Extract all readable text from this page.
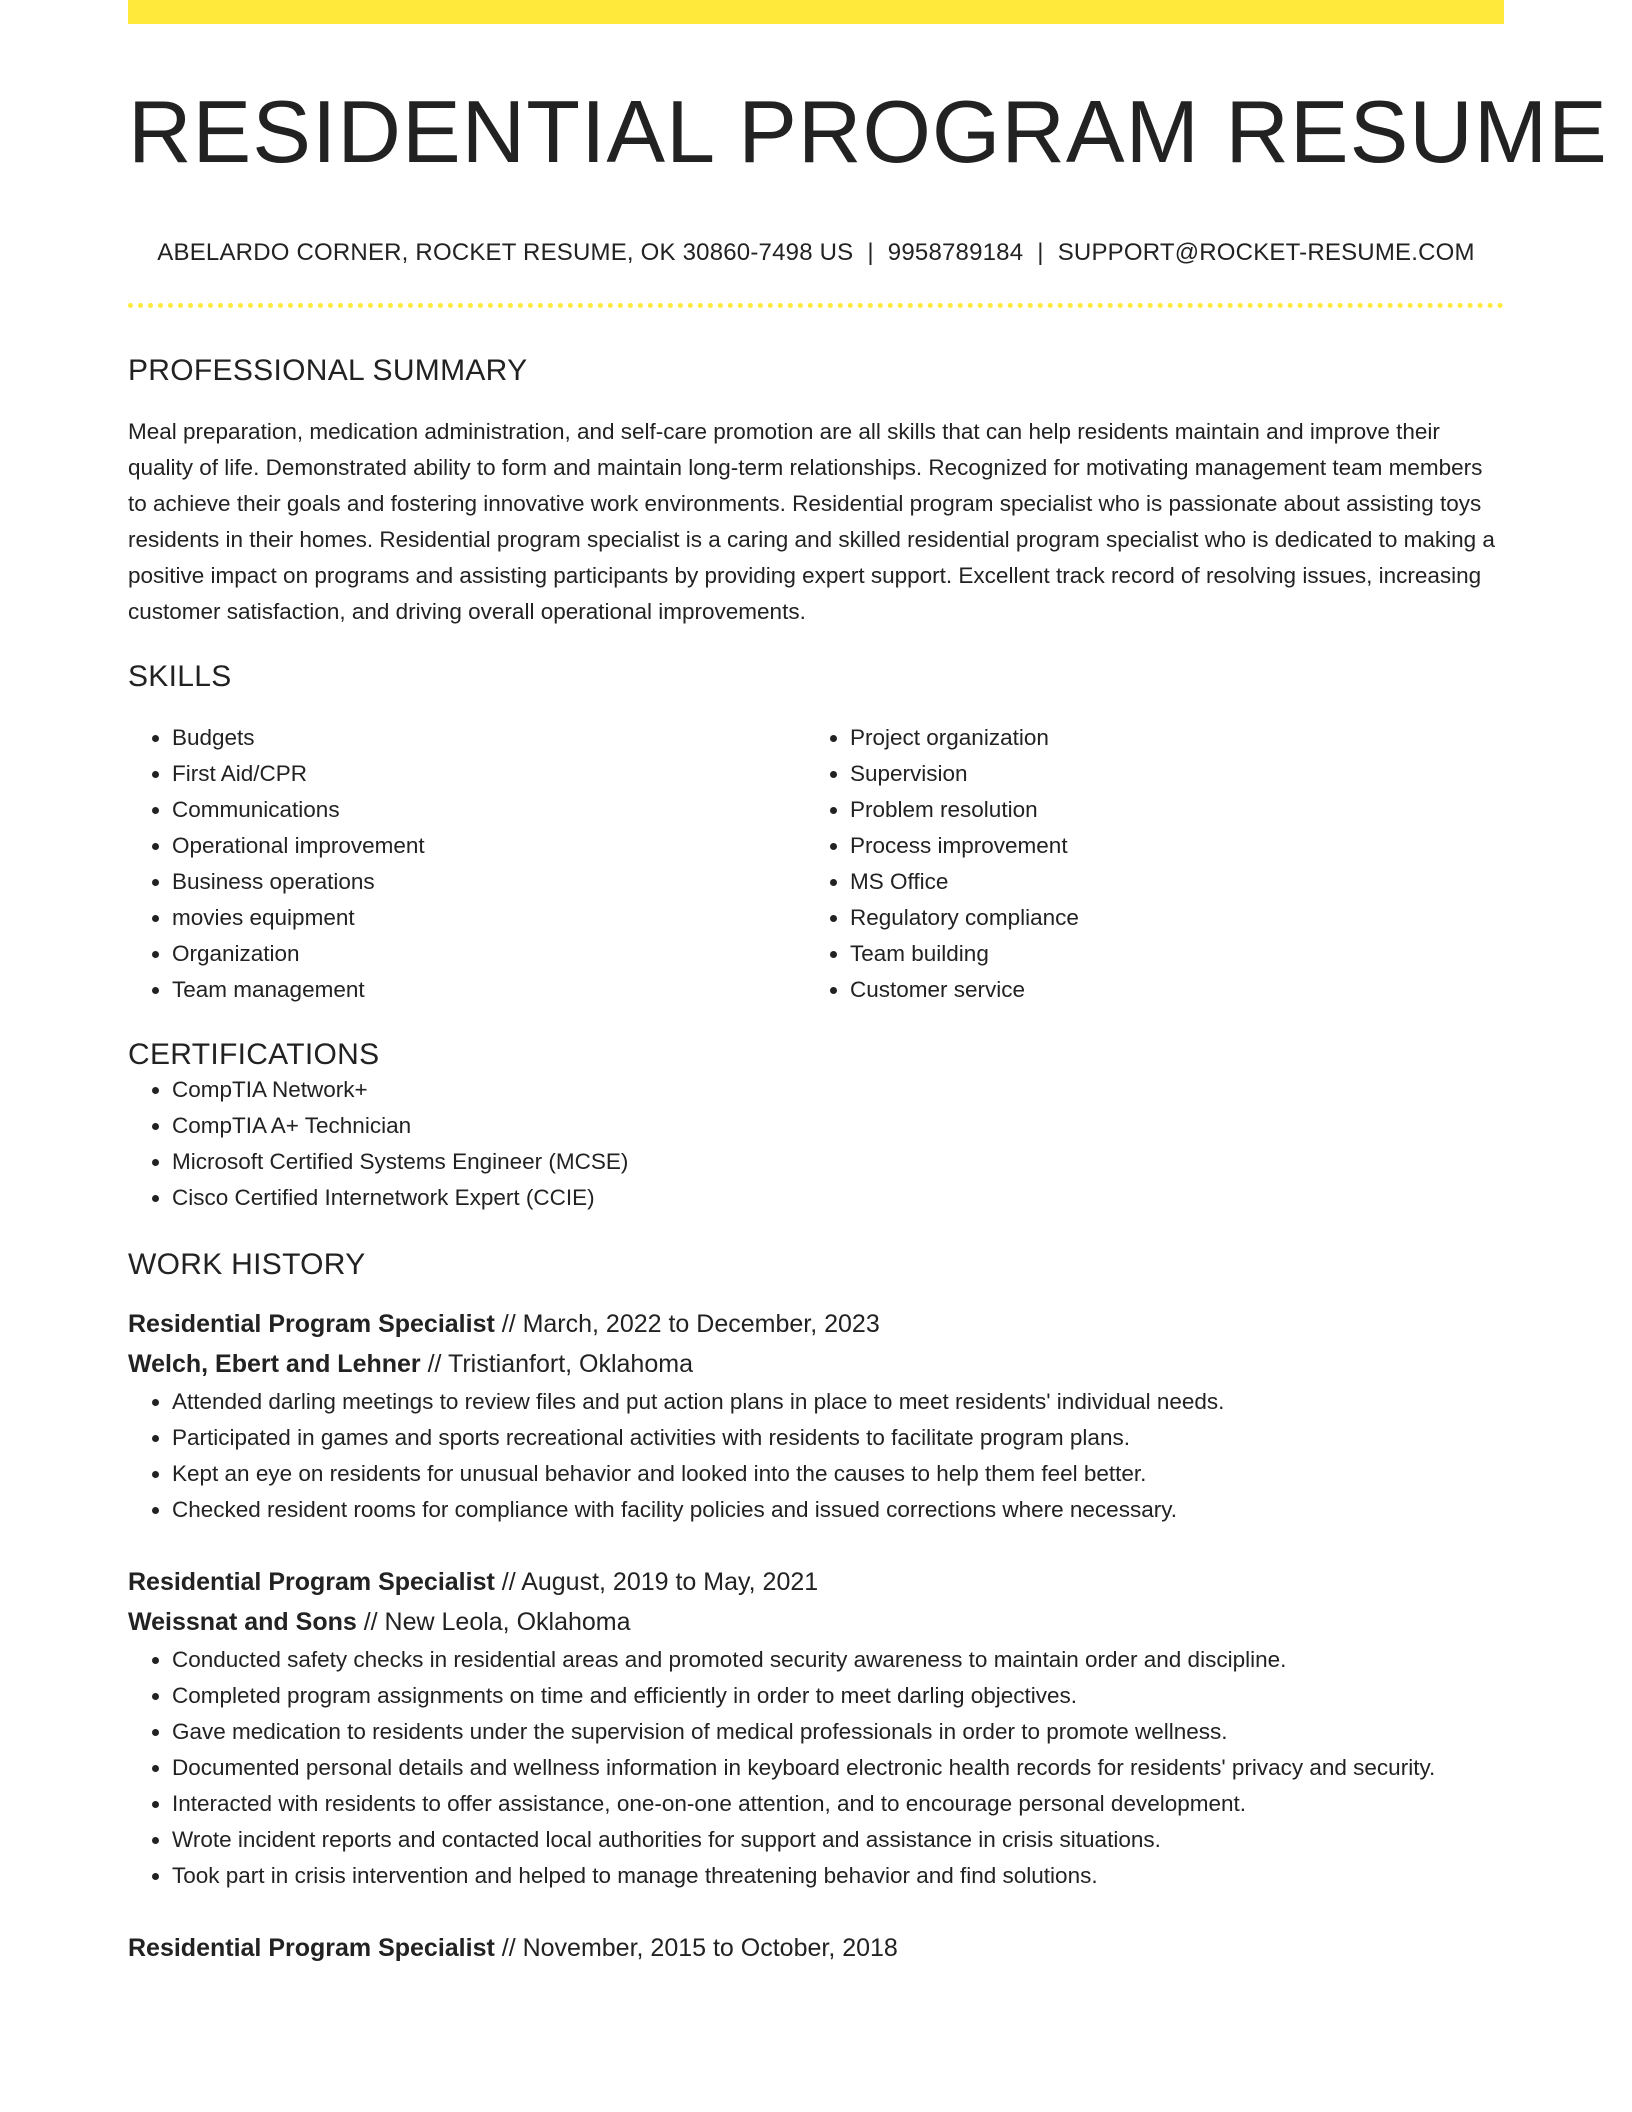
RESIDENTIAL PROGRAM RESUME
ABELARDO CORNER, ROCKET RESUME, OK 30860-7498 US | 9958789184 | SUPPORT@ROCKET-RESUME.COM
PROFESSIONAL SUMMARY

Meal preparation, medication administration, and self-care promotion are all skills that can help residents maintain and improve their quality of life. Demonstrated ability to form and maintain long-term relationships. Recognized for motivating management team members to achieve their goals and fostering innovative work environments. Residential program specialist who is passionate about assisting toys residents in their homes. Residential program specialist is a caring and skilled residential program specialist who is dedicated to making a positive impact on programs and assisting participants by providing expert support. Excellent track record of resolving issues, increasing customer satisfaction, and driving overall operational improvements.

SKILLS
• Budgets
• First Aid/CPR
• Communications
• Operational improvement
• Business operations
• movies equipment
• Organization
• Team management
• Project organization
• Supervision
• Problem resolution
• Process improvement
• MS Office
• Regulatory compliance
• Team building
• Customer service
CERTIFICATIONS
• CompTIA Network+
• CompTIA A+ Technician
• Microsoft Certified Systems Engineer (MCSE)
• Cisco Certified Internetwork Expert (CCIE)
WORK HISTORY
Residential Program Specialist // March, 2022 to December, 2023
Welch, Ebert and Lehner // Tristianfort, Oklahoma
• Attended darling meetings to review files and put action plans in place to meet residents' individual needs.
• Participated in games and sports recreational activities with residents to facilitate program plans.
• Kept an eye on residents for unusual behavior and looked into the causes to help them feel better.
• Checked resident rooms for compliance with facility policies and issued corrections where necessary.
Residential Program Specialist // August, 2019 to May, 2021
Weissnat and Sons // New Leola, Oklahoma
• Conducted safety checks in residential areas and promoted security awareness to maintain order and discipline.
• Completed program assignments on time and efficiently in order to meet darling objectives.
• Gave medication to residents under the supervision of medical professionals in order to promote wellness.
• Documented personal details and wellness information in keyboard electronic health records for residents' privacy and security.
• Interacted with residents to offer assistance, one-on-one attention, and to encourage personal development.
• Wrote incident reports and contacted local authorities for support and assistance in crisis situations.
• Took part in crisis intervention and helped to manage threatening behavior and find solutions.
Residential Program Specialist // November, 2015 to October, 2018
